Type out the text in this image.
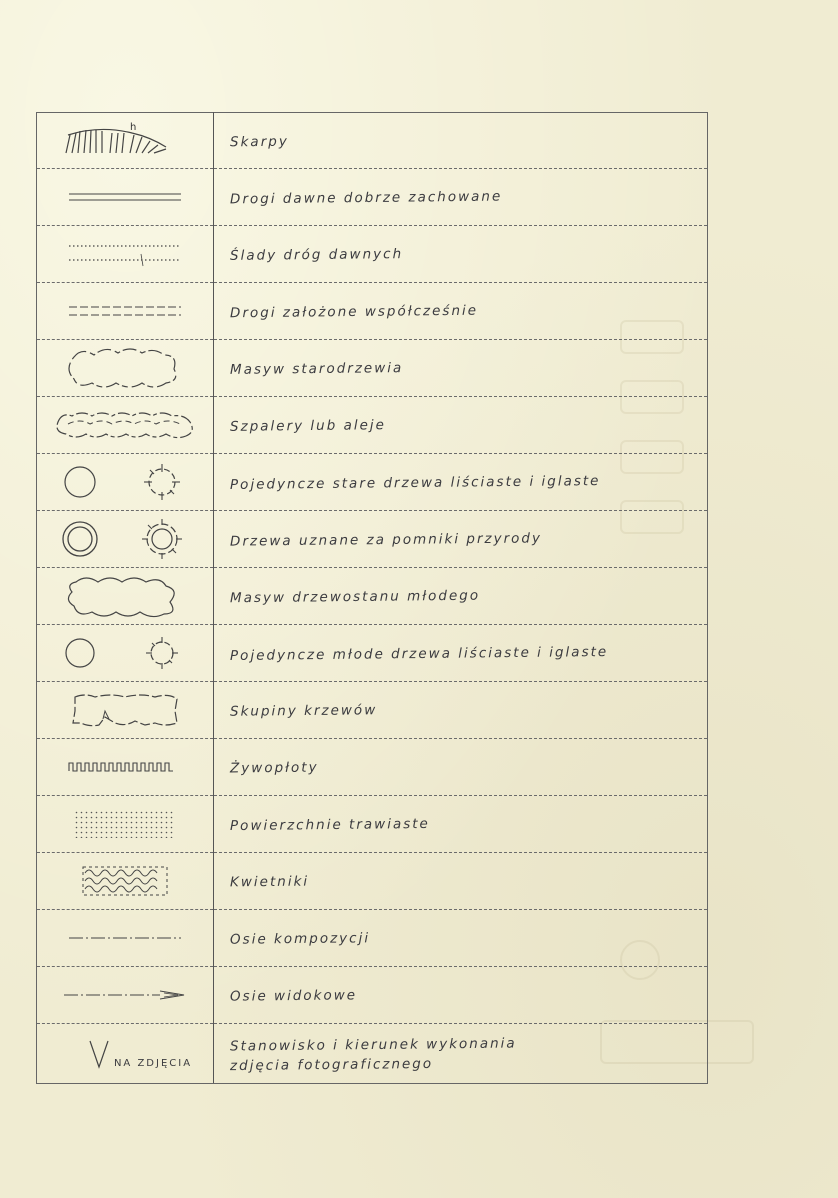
h	Skarpy

	Drogi dawne dobrze zachowane

	Ślady dróg dawnych

	Drogi założone współcześnie

	Masyw starodrzewia

	Szpalery lub aleje

	Pojedyncze stare drzewa liściaste i iglaste

	Drzewa uznane za pomniki przyrody

	Masyw drzewostanu młodego

	Pojedyncze młode drzewa liściaste i iglaste

	Skupiny krzewów

	Żywopłoty

	Powierzchnie trawiaste

	Kwietniki

	Osie kompozycji

	Osie widokowe
NA ZDJĘCIA	Stanowisko i kierunek wykonania
zdjęcia fotograficznego
